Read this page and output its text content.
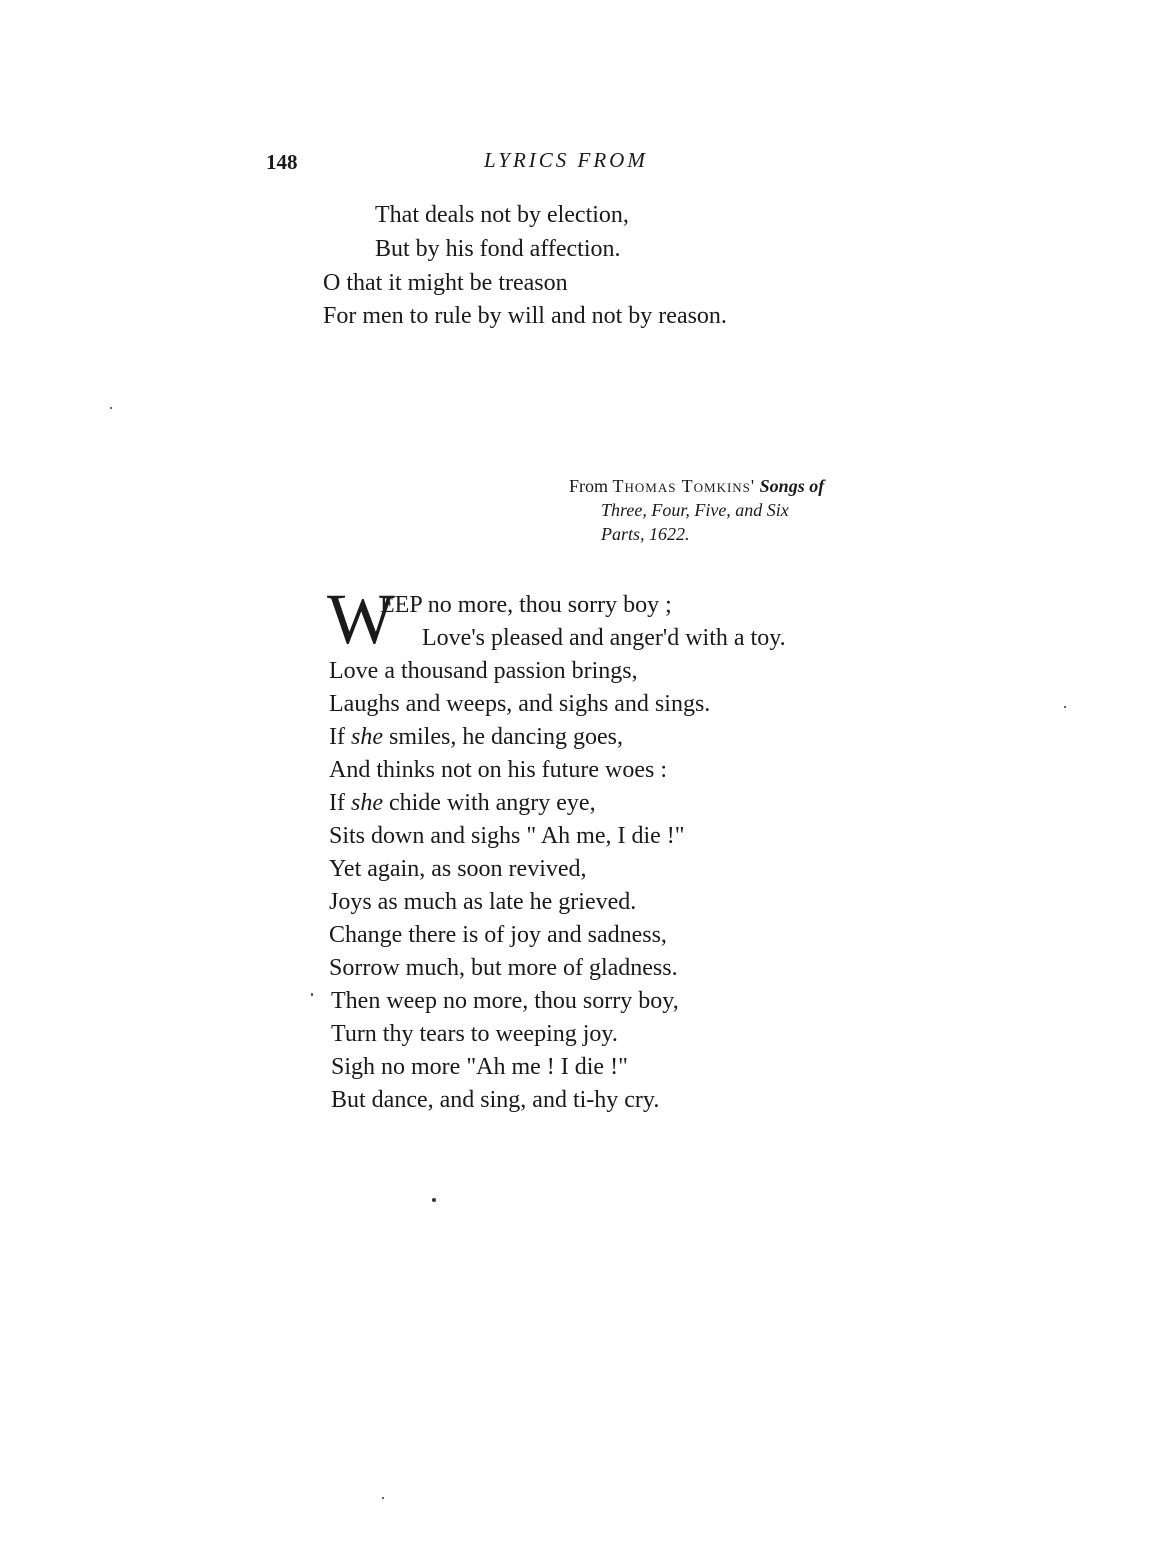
148	LYRICS FROM
That deals not by election,
But by his fond affection.
O that it might be treason
For men to rule by will and not by reason.
From Thomas Tomkins' Songs of
Three, Four, Five, and Six
Parts, 1622.
W
EEP no more, thou sorry boy ;
Love's pleased and anger'd with a toy.
Love a thousand passion brings,
Laughs and weeps, and sighs and sings.
If she smiles, he dancing goes,
And thinks not on his future woes :
If she chide with angry eye,
Sits down and sighs " Ah me, I die !"
Yet again, as soon revived,
Joys as much as late he grieved.
Change there is of joy and sadness,
Sorrow much, but more of gladness.
Then weep no more, thou sorry boy,
Turn thy tears to weeping joy.
Sigh no more "Ah me ! I die !"
But dance, and sing, and ti-hy cry.
